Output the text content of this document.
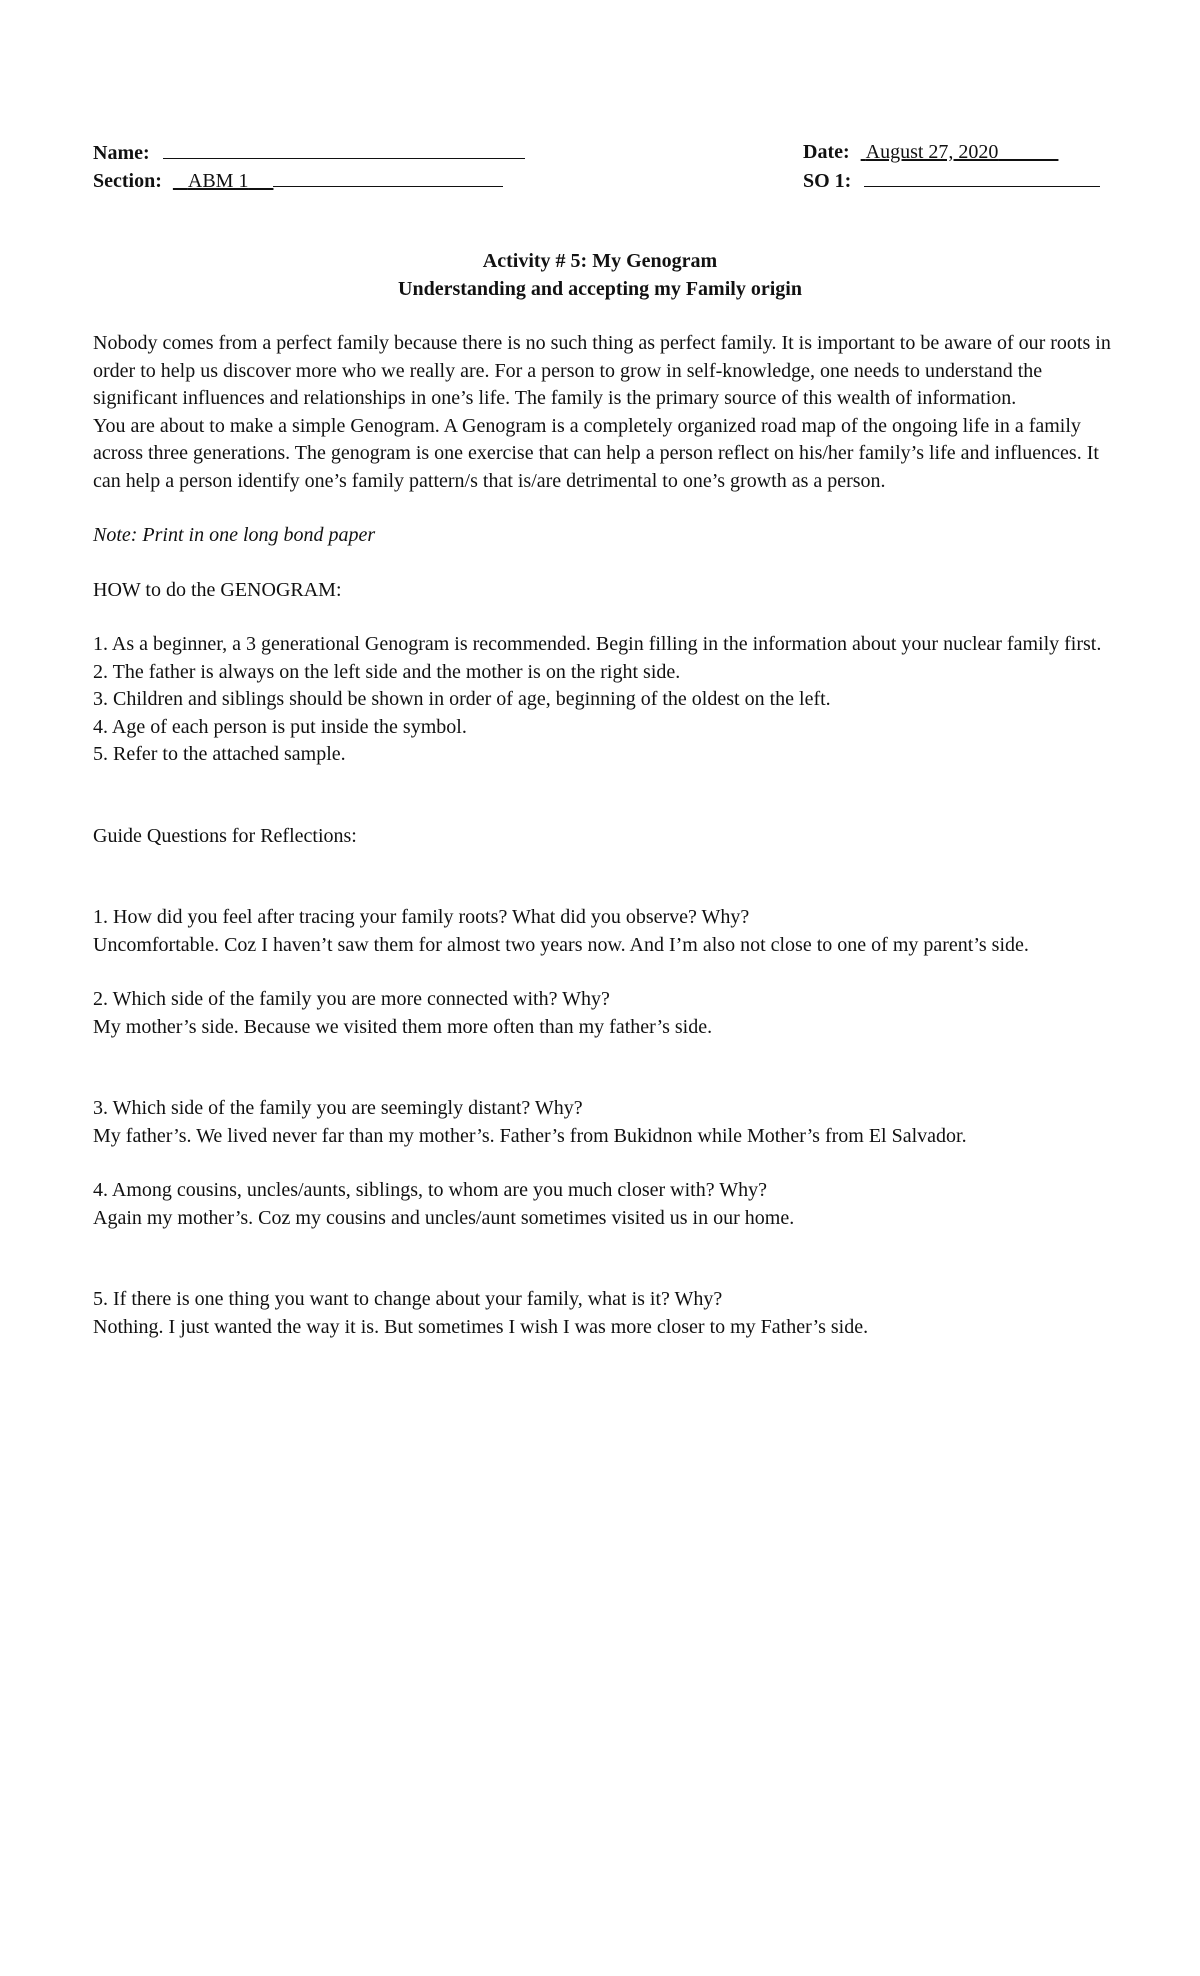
Name:
Section: ABM 1
Date: August 27, 2020
SO 1:
Activity # 5: My Genogram
Understanding and accepting my Family origin

Nobody comes from a perfect family because there is no such thing as perfect family. It is important to be aware of our roots in order to help us discover more who we really are. For a person to grow in self-knowledge, one needs to understand the significant influences and relationships in one’s life. The family is the primary source of this wealth of information.

You are about to make a simple Genogram. A Genogram is a completely organized road map of the ongoing life in a family across three generations. The genogram is one exercise that can help a person reflect on his/her family’s life and influences. It can help a person identify one’s family pattern/s that is/are detrimental to one’s growth as a person.

Note: Print in one long bond paper

HOW to do the GENOGRAM:

1. As a beginner, a 3 generational Genogram is recommended. Begin filling in the information about your nuclear family first.

2. The father is always on the left side and the mother is on the right side.

3. Children and siblings should be shown in order of age, beginning of the oldest on the left.

4. Age of each person is put inside the symbol.

5. Refer to the attached sample.

Guide Questions for Reflections:

1. How did you feel after tracing your family roots? What did you observe? Why?

Uncomfortable. Coz I haven’t saw them for almost two years now. And I’m also not close to one of my parent’s side.

2. Which side of the family you are more connected with? Why?

My mother’s side. Because we visited them more often than my father’s side.

3. Which side of the family you are seemingly distant? Why?

My father’s. We lived never far than my mother’s. Father’s from Bukidnon while Mother’s from El Salvador.

4. Among cousins, uncles/aunts, siblings, to whom are you much closer with? Why?

Again my mother’s. Coz my cousins and uncles/aunt sometimes visited us in our home.

5. If there is one thing you want to change about your family, what is it? Why?

Nothing. I just wanted the way it is. But sometimes I wish I was more closer to my Father’s side.
